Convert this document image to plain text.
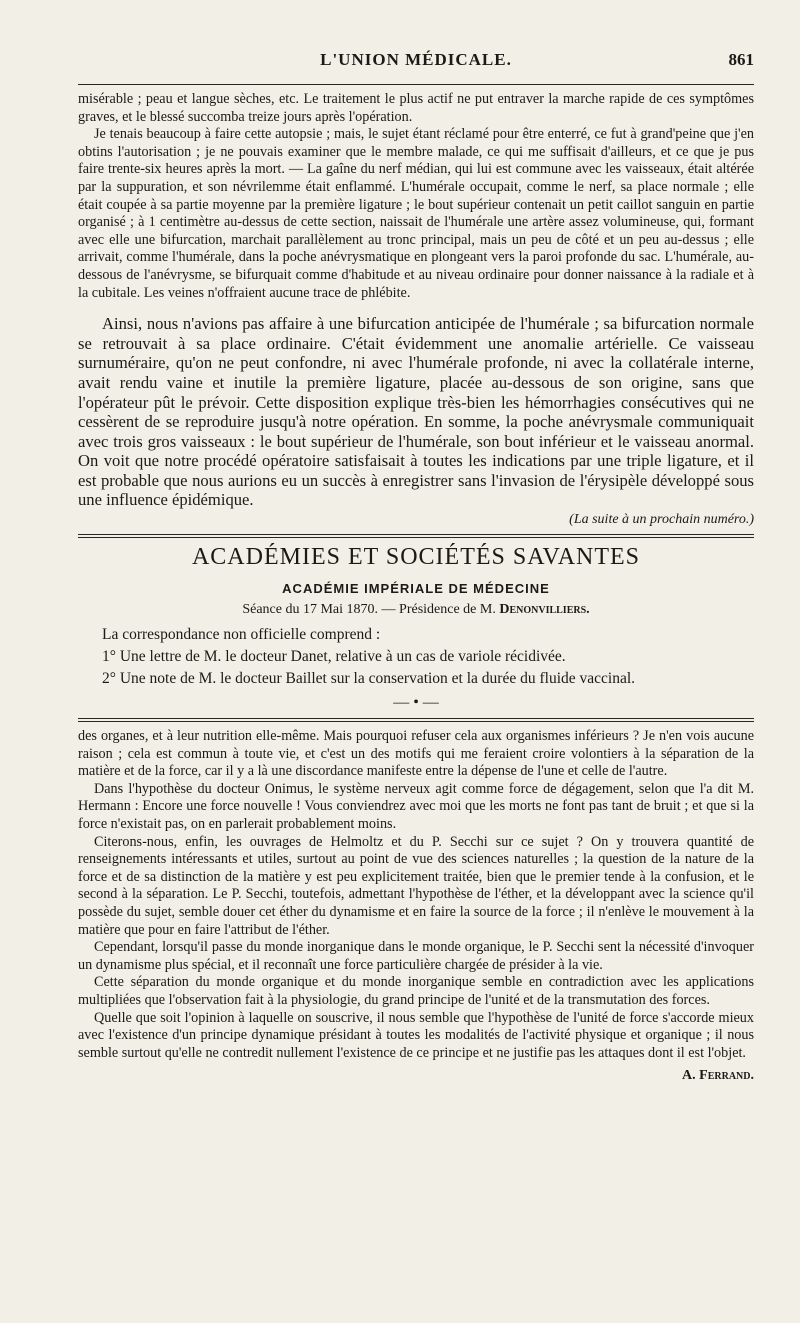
L'UNION MÉDICALE.	861

misérable ; peau et langue sèches, etc. Le traitement le plus actif ne put entraver la marche rapide de ces symptômes graves, et le blessé succomba treize jours après l'opération.

Je tenais beaucoup à faire cette autopsie ; mais, le sujet étant réclamé pour être enterré, ce fut à grand'peine que j'en obtins l'autorisation ; je ne pouvais examiner que le membre malade, ce qui me suffisait d'ailleurs, et ce que je pus faire trente-six heures après la mort. — La gaîne du nerf médian, qui lui est commune avec les vaisseaux, était altérée par la suppuration, et son névrilemme était enflammé. L'humérale occupait, comme le nerf, sa place normale ; elle était coupée à sa partie moyenne par la première ligature ; le bout supérieur contenait un petit caillot sanguin en partie organisé ; à 1 centimètre au-dessus de cette section, naissait de l'humérale une artère assez volumineuse, qui, formant avec elle une bifurcation, marchait parallèlement au tronc principal, mais un peu de côté et un peu au-dessus ; elle arrivait, comme l'humérale, dans la poche anévrysmatique en plongeant vers la paroi profonde du sac. L'humérale, au-dessous de l'anévrysme, se bifurquait comme d'habitude et au niveau ordinaire pour donner naissance à la radiale et à la cubitale. Les veines n'offraient aucune trace de phlébite.

Ainsi, nous n'avions pas affaire à une bifurcation anticipée de l'humérale ; sa bifurcation normale se retrouvait à sa place ordinaire. C'était évidemment une anomalie artérielle. Ce vaisseau surnuméraire, qu'on ne peut confondre, ni avec l'humérale profonde, ni avec la collatérale interne, avait rendu vaine et inutile la première ligature, placée au-dessous de son origine, sans que l'opérateur pût le prévoir. Cette disposition explique très-bien les hémorrhagies consécutives qui ne cessèrent de se reproduire jusqu'à notre opération. En somme, la poche anévrysmale communiquait avec trois gros vaisseaux : le bout supérieur de l'humérale, son bout inférieur et le vaisseau anormal. On voit que notre procédé opératoire satisfaisait à toutes les indications par une triple ligature, et il est probable que nous aurions eu un succès à enregistrer sans l'invasion de l'érysipèle développé sous une influence épidémique.

(La suite à un prochain numéro.)
ACADÉMIES ET SOCIÉTÉS SAVANTES
ACADÉMIE IMPÉRIALE DE MÉDECINE
Séance du 17 Mai 1870. — Présidence de M. Denonvilliers.

La correspondance non officielle comprend :

1° Une lettre de M. le docteur Danet, relative à un cas de variole récidivée.

2° Une note de M. le docteur Baillet sur la conservation et la durée du fluide vaccinal.

— • —

des organes, et à leur nutrition elle-même. Mais pourquoi refuser cela aux organismes inférieurs ? Je n'en vois aucune raison ; cela est commun à toute vie, et c'est un des motifs qui me feraient croire volontiers à la séparation de la matière et de la force, car il y a là une discordance manifeste entre la dépense de l'une et celle de l'autre.

Dans l'hypothèse du docteur Onimus, le système nerveux agit comme force de dégagement, selon que l'a dit M. Hermann : Encore une force nouvelle ! Vous conviendrez avec moi que les morts ne font pas tant de bruit ; et que si la force n'existait pas, on en parlerait probablement moins.

Citerons-nous, enfin, les ouvrages de Helmoltz et du P. Secchi sur ce sujet ? On y trouvera quantité de renseignements intéressants et utiles, surtout au point de vue des sciences naturelles ; la question de la nature de la force et de sa distinction de la matière y est peu explicitement traitée, bien que le premier tende à la confusion, et le second à la séparation. Le P. Secchi, toutefois, admettant l'hypothèse de l'éther, et la développant avec la science qu'il possède du sujet, semble douer cet éther du dynamisme et en faire la source de la force ; il n'enlève le mouvement à la matière que pour en faire l'attribut de l'éther.

Cependant, lorsqu'il passe du monde inorganique dans le monde organique, le P. Secchi sent la nécessité d'invoquer un dynamisme plus spécial, et il reconnaît une force particulière chargée de présider à la vie.

Cette séparation du monde organique et du monde inorganique semble en contradiction avec les applications multipliées que l'observation fait à la physiologie, du grand principe de l'unité et de la transmutation des forces.

Quelle que soit l'opinion à laquelle on souscrive, il nous semble que l'hypothèse de l'unité de force s'accorde mieux avec l'existence d'un principe dynamique présidant à toutes les modalités de l'activité physique et organique ; il nous semble surtout qu'elle ne contredit nullement l'existence de ce principe et ne justifie pas les attaques dont il est l'objet.

A. Ferrand.
